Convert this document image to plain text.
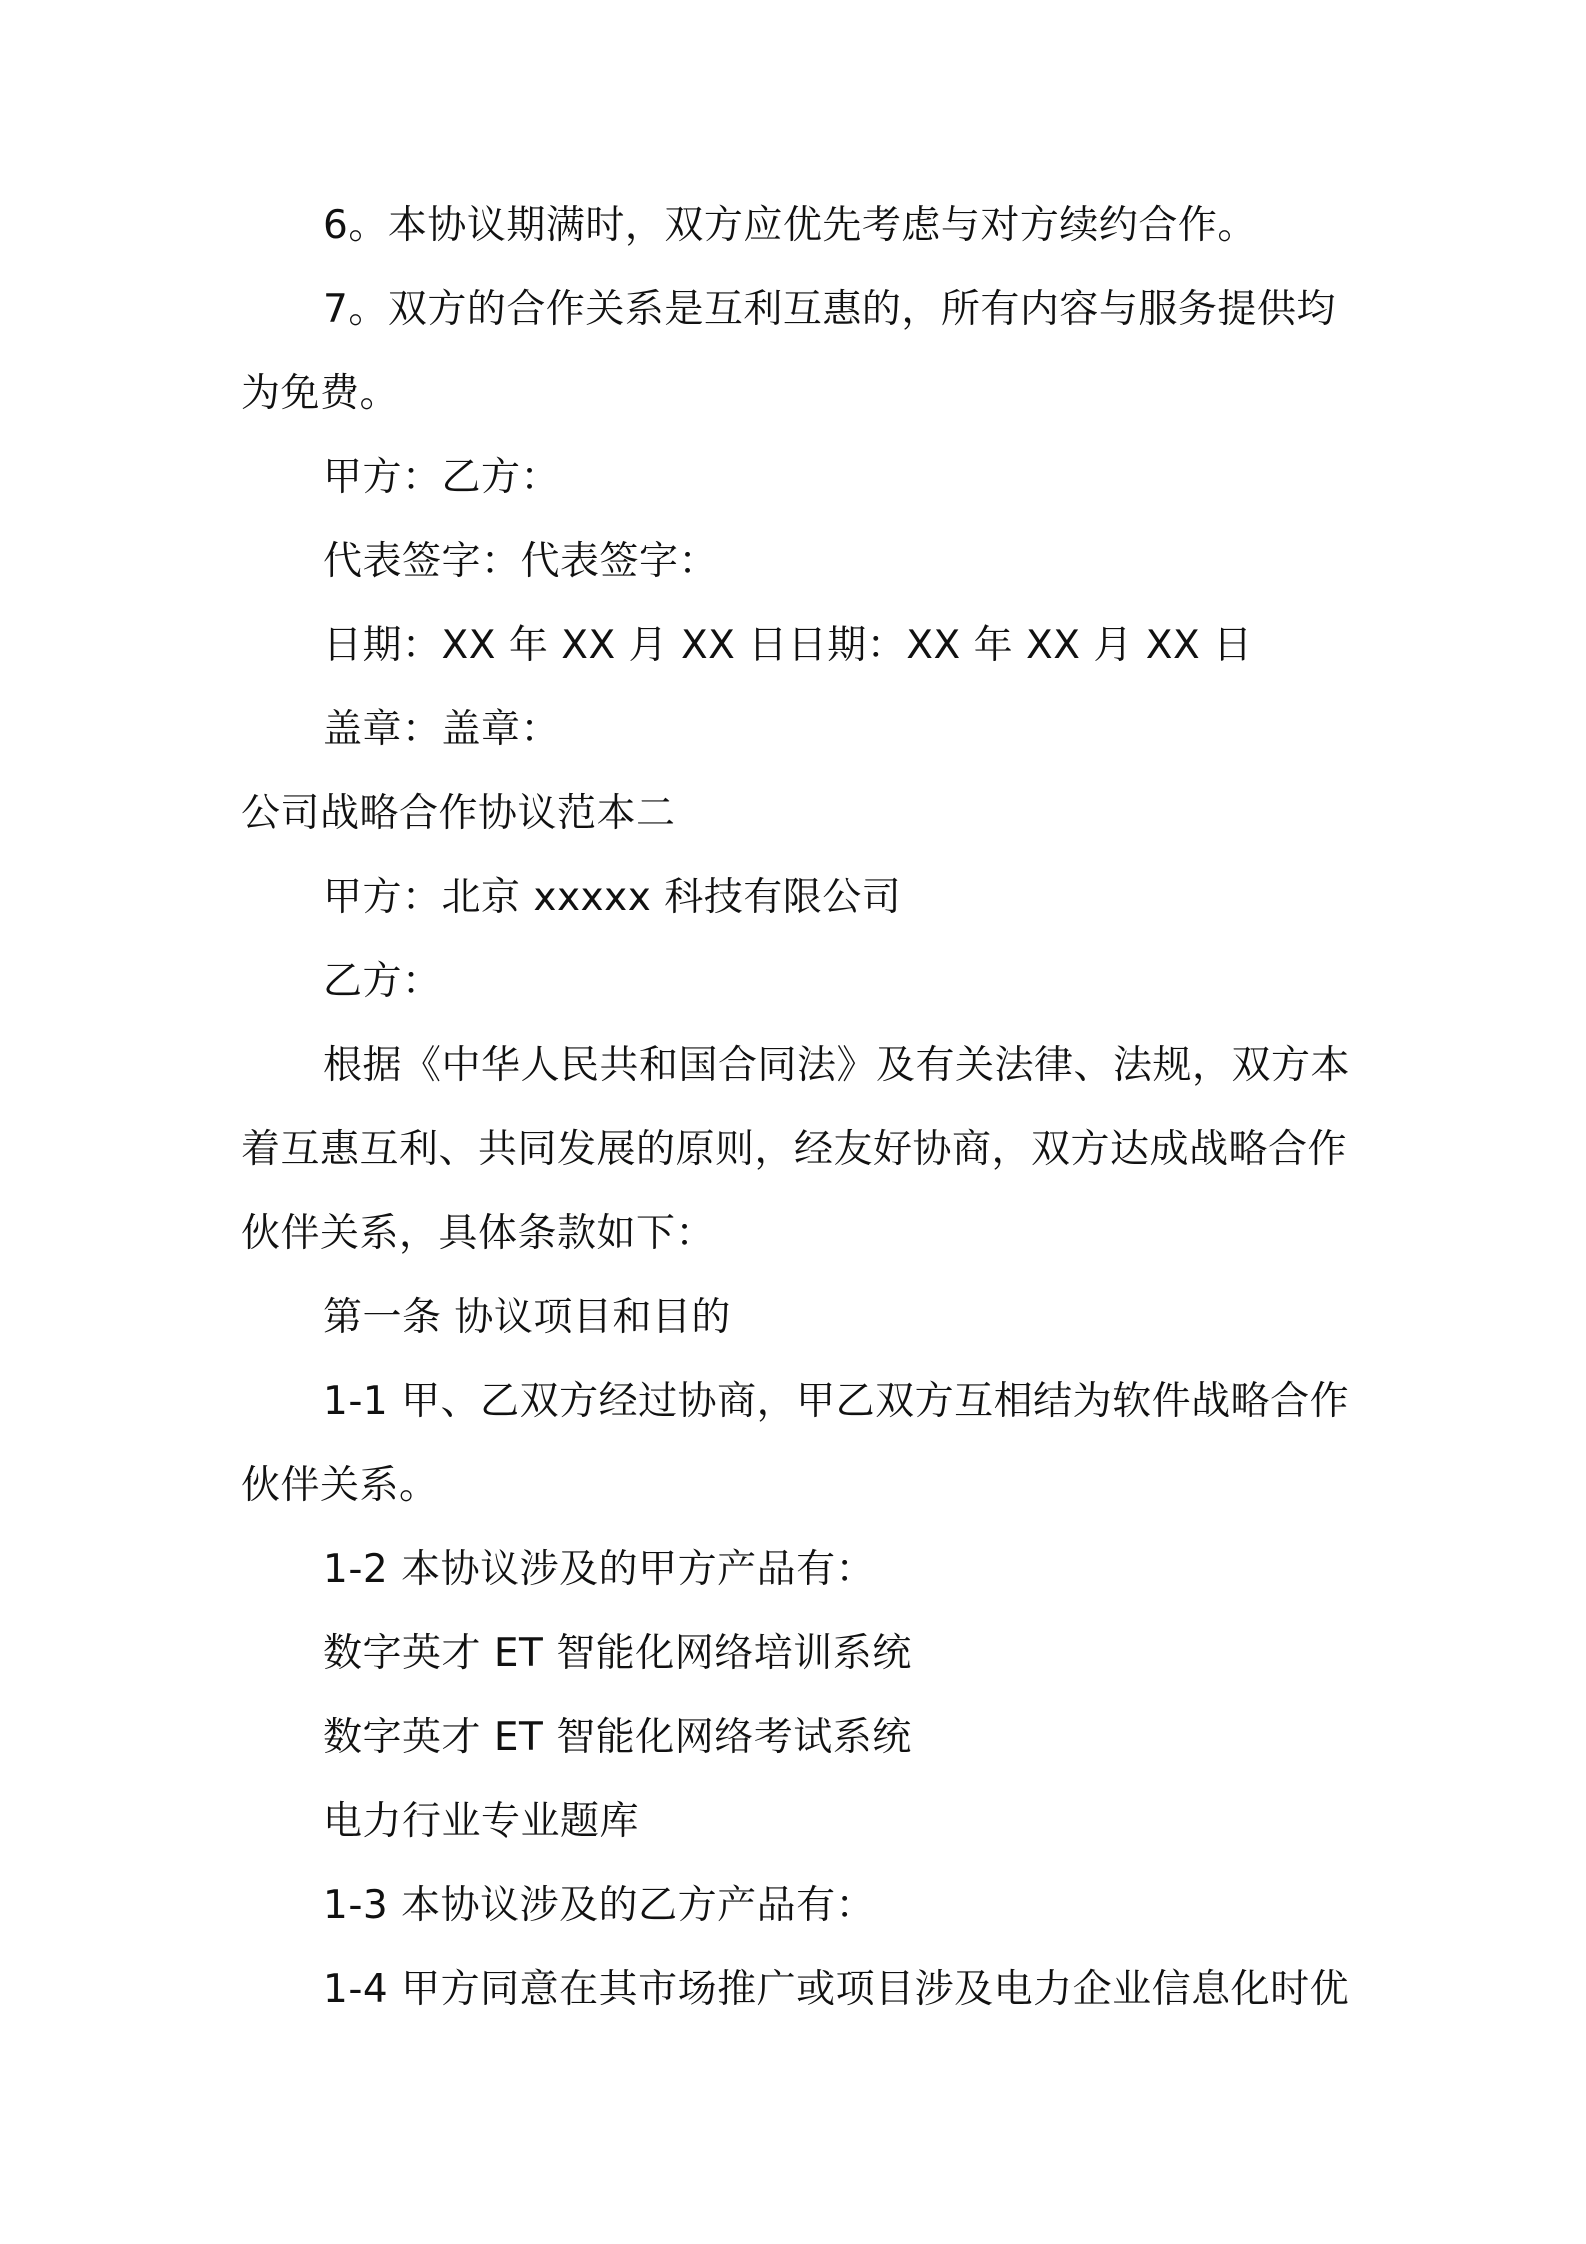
6。本协议期满时，双方应优先考虑与对方续约合作。
7。双方的合作关系是互利互惠的，所有内容与服务提供均
为免费。
甲方：乙方：
代表签字：代表签字：
日期：XX 年 XX 月 XX 日日期：XX 年 XX 月 XX 日
盖章：盖章：
公司战略合作协议范本二
甲方：北京 xxxxx 科技有限公司
乙方：
根据《中华人民共和国合同法》及有关法律、法规，双方本
着互惠互利、共同发展的原则，经友好协商，双方达成战略合作
伙伴关系，具体条款如下：
第一条 协议项目和目的
1-1 甲、乙双方经过协商，甲乙双方互相结为软件战略合作
伙伴关系。
1-2 本协议涉及的甲方产品有：
数字英才 ET 智能化网络培训系统
数字英才 ET 智能化网络考试系统
电力行业专业题库
1-3 本协议涉及的乙方产品有：
1-4 甲方同意在其市场推广或项目涉及电力企业信息化时优
